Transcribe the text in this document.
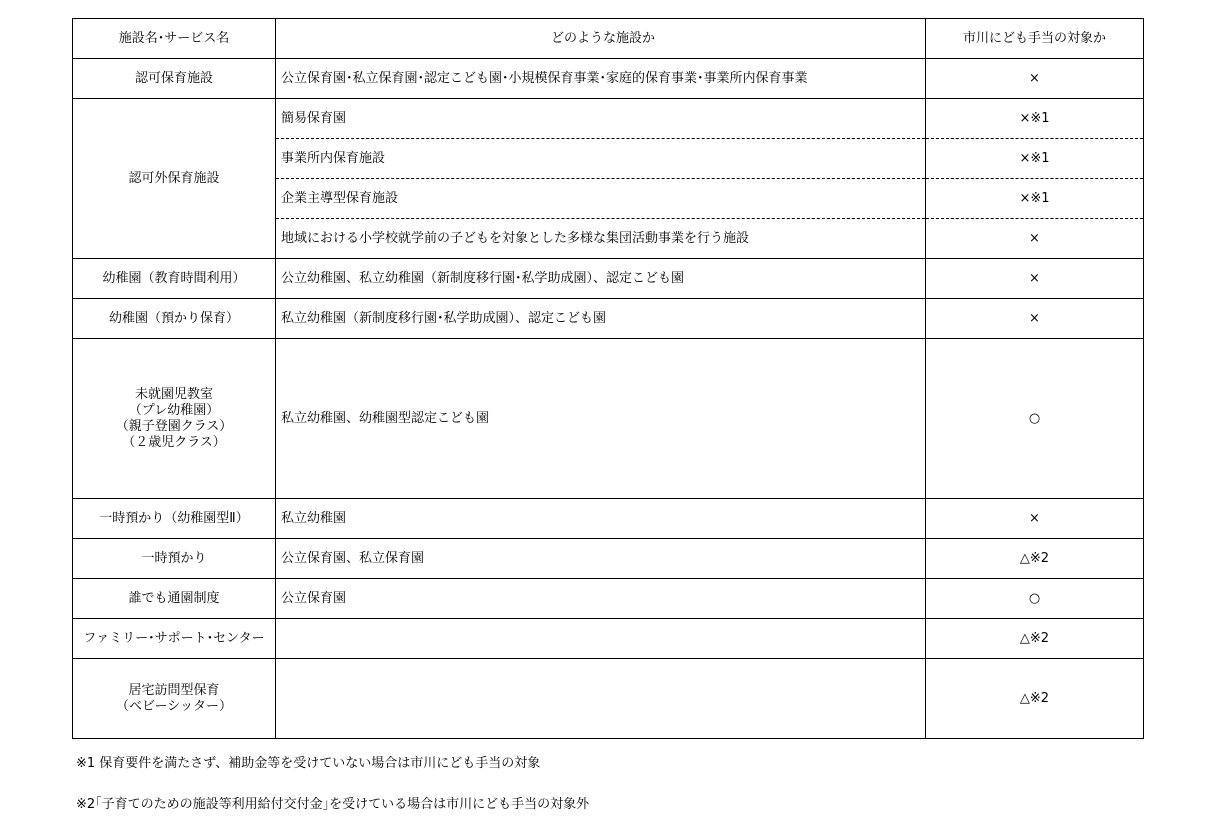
施設名･サービス名	どのような施設か	市川にども手当の対象か
認可保育施設	公立保育園･私立保育園･認定こども園･小規模保育事業･家庭的保育事業･事業所内保育事業	×
認可外保育施設	簡易保育園	×※1
	事業所内保育施設	×※1
	企業主導型保育施設	×※1
	地域における小学校就学前の子どもを対象とした多様な集団活動事業を行う施設	×
幼稚園（教育時間利用）	公立幼稚園、私立幼稚園（新制度移行園･私学助成園）、認定こども園	×
幼稚園（預かり保育）	私立幼稚園（新制度移行園･私学助成園）、認定こども園	×

未就園児教室
（プレ幼稚園）
（親子登園クラス）
（２歳児クラス）	私立幼稚園、幼稚園型認定こども園	○
一時預かり（幼稚園型Ⅱ）	私立幼稚園	×
一時預かり	公立保育園、私立保育園	△※2
誰でも通園制度	公立保育園	○
ファミリー･サポート･センター		△※2

居宅訪問型保育
（ベビーシッター）		△※2
※1 保育要件を満たさず、補助金等を受けていない場合は市川にども手当の対象
※2｢子育てのための施設等利用給付交付金｣を受けている場合は市川にども手当の対象外
